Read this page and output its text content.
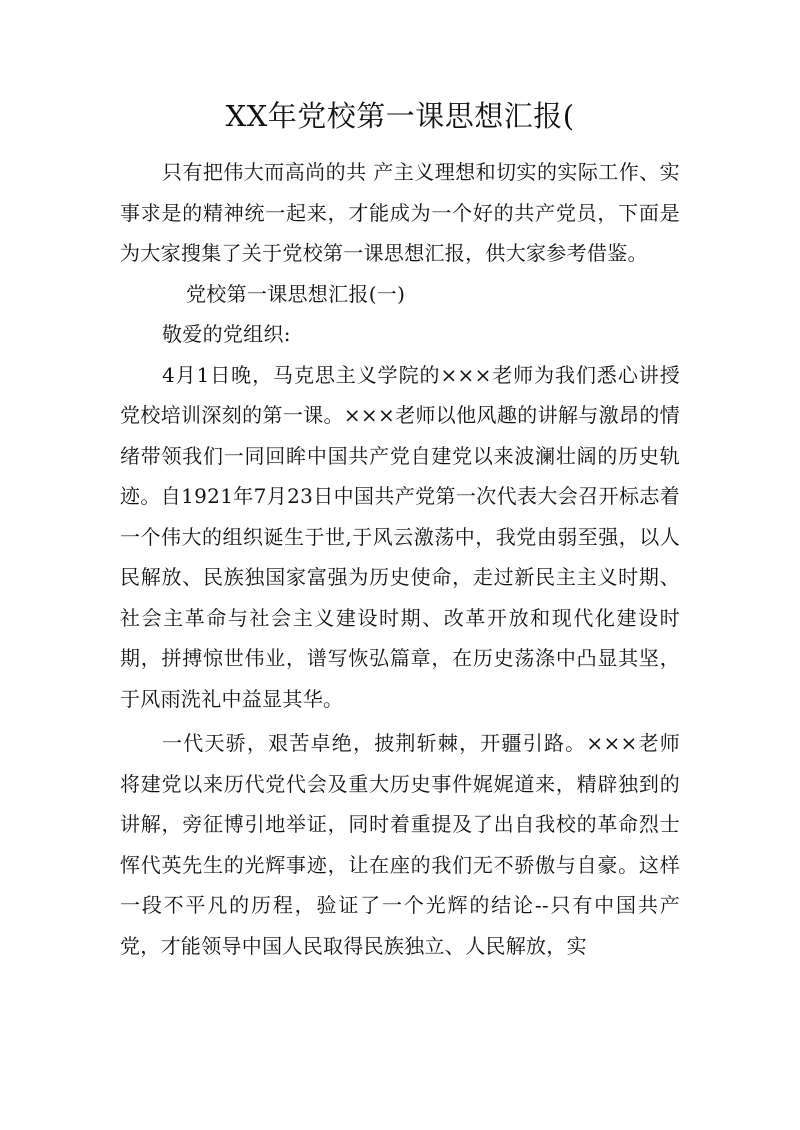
XX年党校第一课思想汇报(

只有把伟大而高尚的共 产主义理想和切实的实际工作、实事求是的精神统一起来，才能成为一个好的共产党员，下面是为大家搜集了关于党校第一课思想汇报，供大家参考借鉴。

党校第一课思想汇报(一)

敬爱的党组织:

4月1日晚，马克思主义学院的×××老师为我们悉心讲授党校培训深刻的第一课。×××老师以他风趣的讲解与激昂的情绪带领我们一同回眸中国共产党自建党以来波澜壮阔的历史轨迹。自1921年7月23日中国共产党第一次代表大会召开标志着一个伟大的组织诞生于世,于风云激荡中，我党由弱至强，以人民解放、民族独国家富强为历史使命，走过新民主主义时期、社会主革命与社会主义建设时期、改革开放和现代化建设时期，拼搏惊世伟业，谱写恢弘篇章，在历史荡涤中凸显其坚，于风雨洗礼中益显其华。

一代天骄，艰苦卓绝，披荆斩棘，开疆引路。×××老师将建党以来历代党代会及重大历史事件娓娓道来，精辟独到的讲解，旁征博引地举证，同时着重提及了出自我校的革命烈士恽代英先生的光辉事迹，让在座的我们无不骄傲与自豪。这样一段不平凡的历程，验证了一个光辉的结论--只有中国共产党，才能领导中国人民取得民族独立、人民解放，实
